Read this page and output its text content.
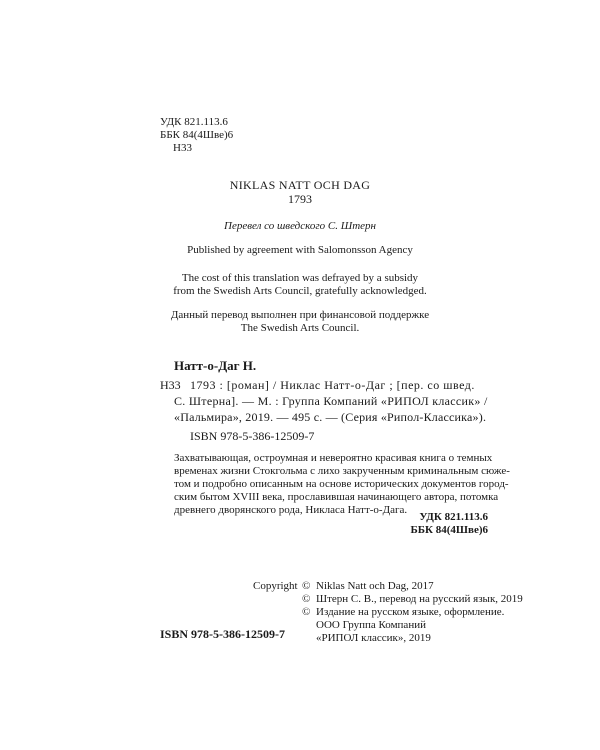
УДК 821.113.6
ББК 84(4Шве)6
Н33
NIKLAS NATT OCH DAG
1793
Перевел со шведского С. Штерн
Published by agreement with Salomonsson Agency
The cost of this translation was defrayed by a subsidy
from the Swedish Arts Council, gratefully acknowledged.
Данный перевод выполнен при финансовой поддержке
The Swedish Arts Council.
Натт-о-Даг Н.
Н33 1793 : [роман] / Никлас Натт-о-Даг ; [пер. со швед.
С. Штерна]. — М. : Группа Компаний «РИПОЛ классик» /
«Пальмира», 2019. — 495 с. — (Серия «Рипол-Классика»).
ISBN 978-5-386-12509-7
Захватывающая, остроумная и невероятно красивая книга о темных
временах жизни Стокгольма с лихо закрученным криминальным сюже-
том и подробно описанным на основе исторических документов город-
ским бытом XVIII века, прославившая начинающего автора, потомка
древнего дворянского рода, Никласа Натт-о-Дага.
УДК 821.113.6
ББК 84(4Шве)6
Copyright © Niklas Natt och Dag, 2017
© Штерн С. В., перевод на русский язык, 2019
© Издание на русском языке, оформление.
ООО Группа Компаний
«РИПОЛ классик», 2019
ISBN 978-5-386-12509-7
